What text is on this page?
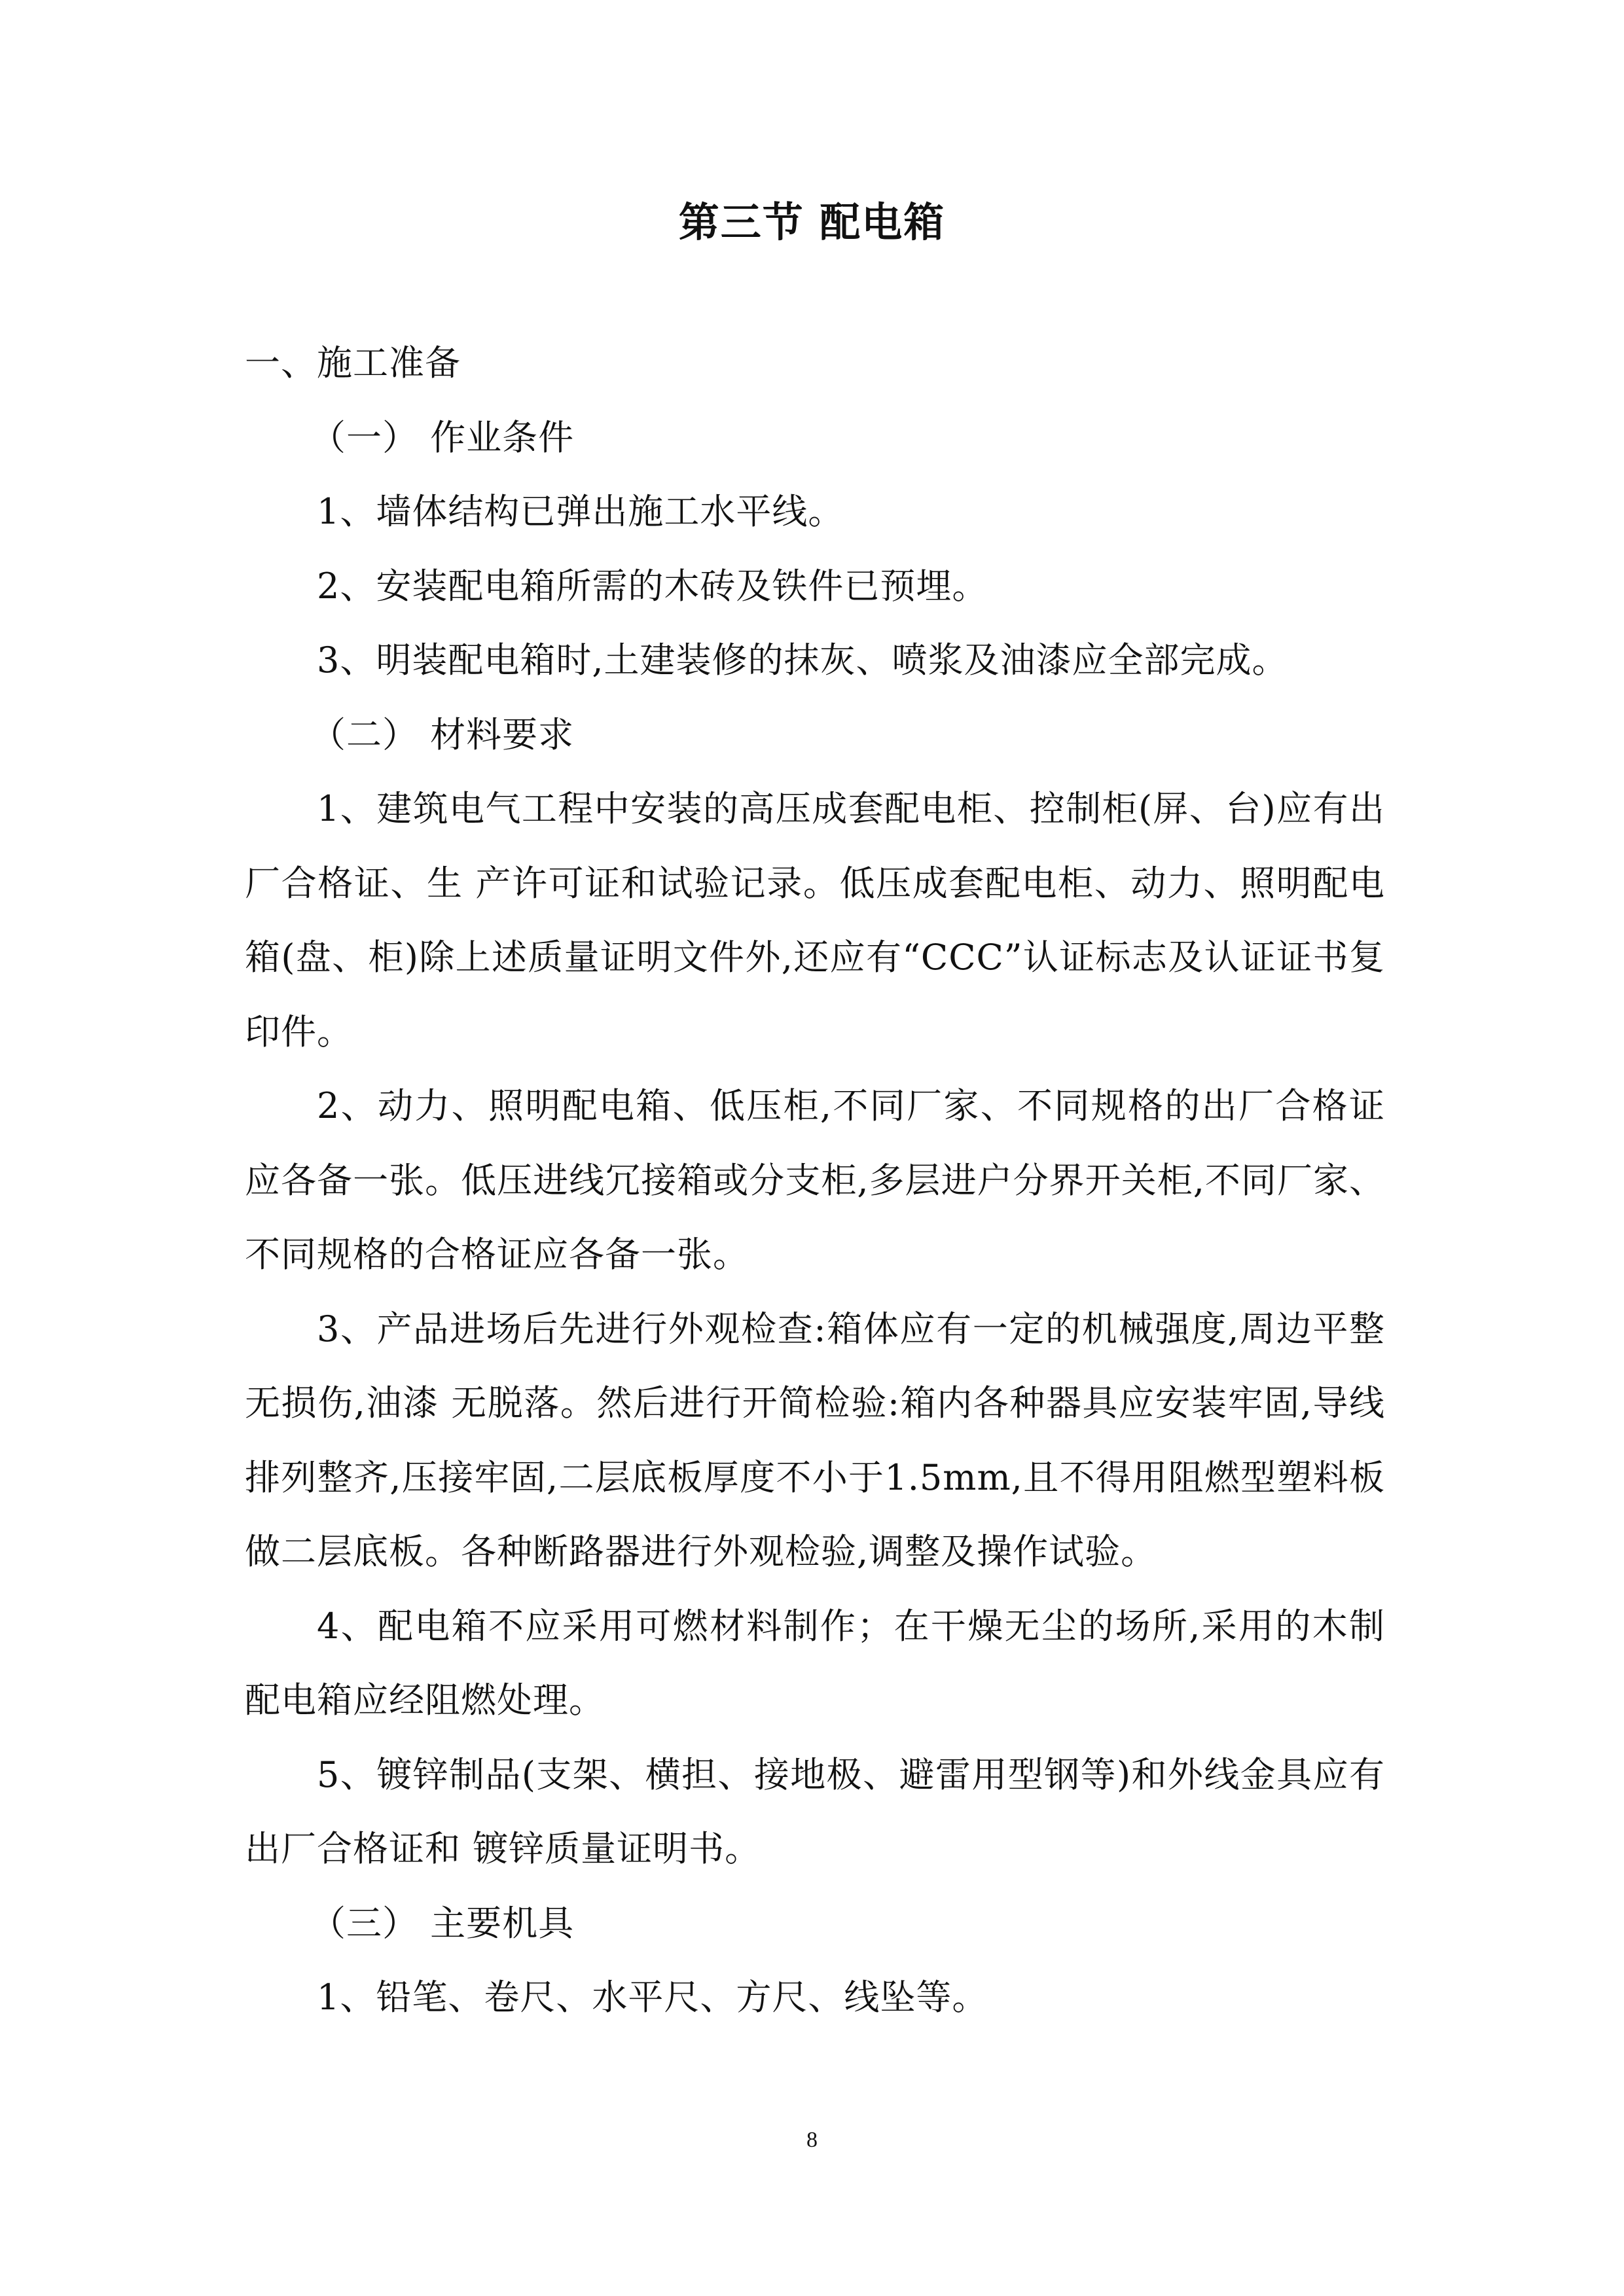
第三节 配电箱

一、施工准备

（一） 作业条件

1、墙体结构已弹出施工水平线。

2、安装配电箱所需的木砖及铁件已预埋。

3、明装配电箱时,土建装修的抹灰、喷浆及油漆应全部完成。

（二） 材料要求

1、建筑电气工程中安装的高压成套配电柜、控制柜(屏、台)应有出厂合格证、生 产许可证和试验记录。低压成套配电柜、动力、照明配电箱(盘、柜)除上述质量证明文件外,还应有“CCC”认证标志及认证证书复印件。

2、动力、照明配电箱、低压柜,不同厂家、不同规格的出厂合格证应各备一张。低压进线冗接箱或分支柜,多层进户分界开关柜,不同厂家、不同规格的合格证应各备一张。

3、产品进场后先进行外观检查:箱体应有一定的机械强度,周边平整无损伤,油漆 无脱落。然后进行开简检验:箱内各种器具应安装牢固,导线排列整齐,压接牢固,二层底板厚度不小于1.5mm,且不得用阻燃型塑料板做二层底板。各种断路器进行外观检验,调整及操作试验。

4、配电箱不应采用可燃材料制作；在干燥无尘的场所,采用的木制配电箱应经阻燃处理。

5、镀锌制品(支架、横担、接地极、避雷用型钢等)和外线金具应有出厂合格证和 镀锌质量证明书。

（三） 主要机具

1、铅笔、卷尺、水平尺、方尺、线坠等。

8
